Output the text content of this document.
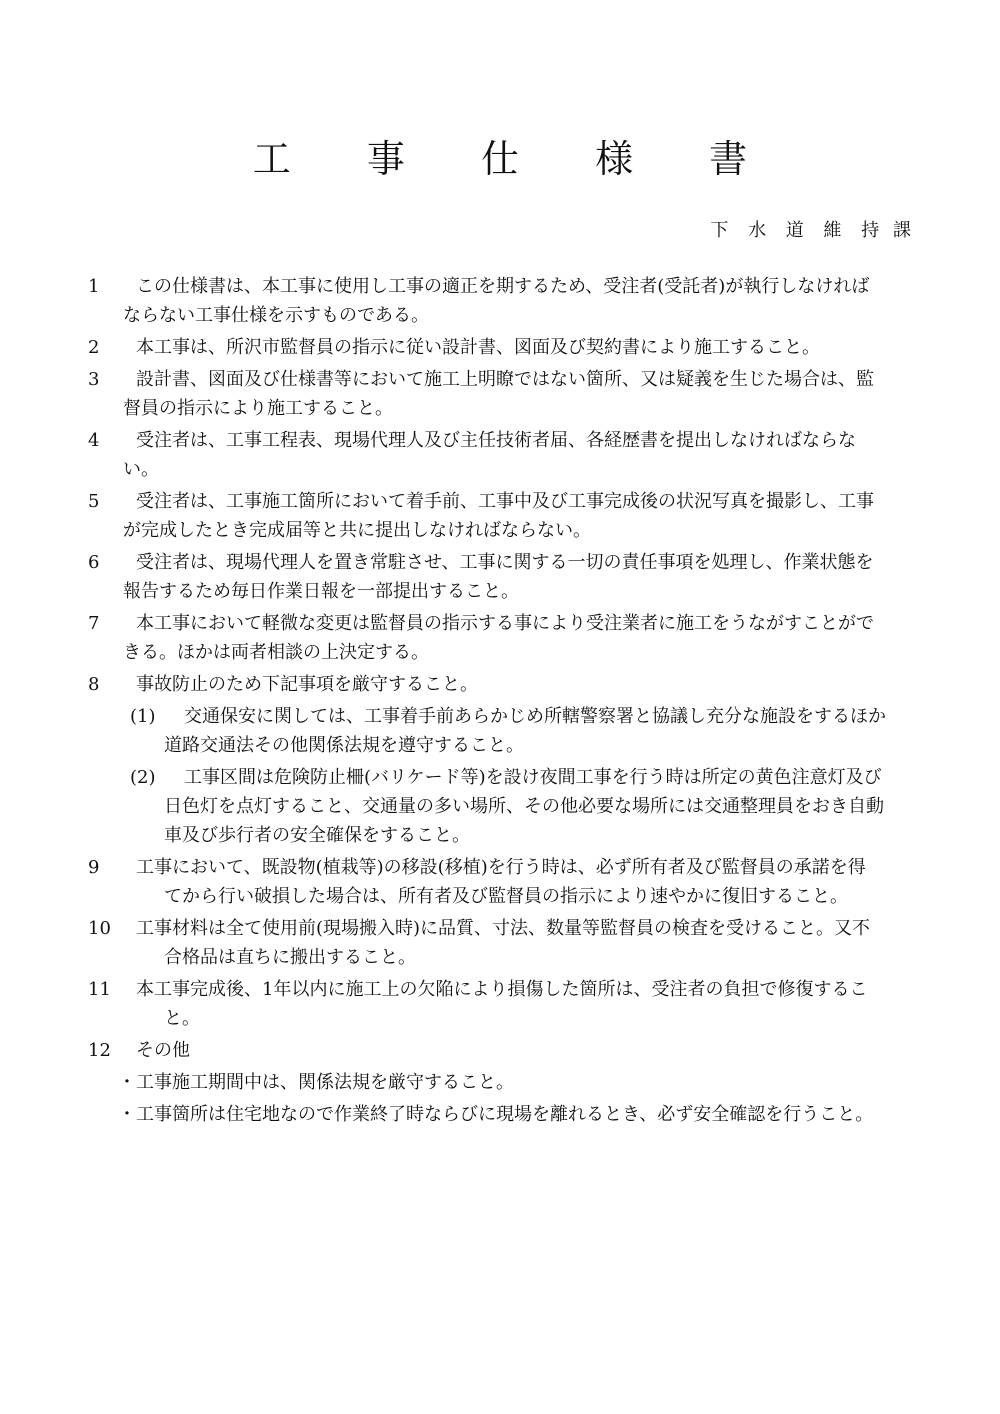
工 事 仕 様 書
下 水 道 維 持 課
1	この仕様書は、本工事に使用し工事の適正を期するため、受注者(受託者)が執行しなければ
ならない工事仕様を示すものである。
2	本工事は、所沢市監督員の指示に従い設計書、図面及び契約書により施工すること。
3	設計書、図面及び仕様書等において施工上明瞭ではない箇所、又は疑義を生じた場合は、監
督員の指示により施工すること。
4	受注者は、工事工程表、現場代理人及び主任技術者届、各経歴書を提出しなければならな
い。
5	受注者は、工事施工箇所において着手前、工事中及び工事完成後の状況写真を撮影し、工事
が完成したとき完成届等と共に提出しなければならない。
6	受注者は、現場代理人を置き常駐させ、工事に関する一切の責任事項を処理し、作業状態を
報告するため毎日作業日報を一部提出すること。
7	本工事において軽微な変更は監督員の指示する事により受注業者に施工をうながすことがで
きる。ほかは両者相談の上決定する。
8	事故防止のため下記事項を厳守すること。
(1)	交通保安に関しては、工事着手前あらかじめ所轄警察署と協議し充分な施設をするほか
道路交通法その他関係法規を遵守すること。
(2)	工事区間は危険防止柵(バリケード等)を設け夜間工事を行う時は所定の黄色注意灯及び
日色灯を点灯すること、交通量の多い場所、その他必要な場所には交通整理員をおき自動
車及び歩行者の安全確保をすること。
9	工事において、既設物(植栽等)の移設(移植)を行う時は、必ず所有者及び監督員の承諾を得
てから行い破損した場合は、所有者及び監督員の指示により速やかに復旧すること。
10	工事材料は全て使用前(現場搬入時)に品質、寸法、数量等監督員の検査を受けること。又不
合格品は直ちに搬出すること。
11	本工事完成後、1年以内に施工上の欠陥により損傷した箇所は、受注者の負担で修復するこ
と。
12	その他
・工事施工期間中は、関係法規を厳守すること。
・工事箇所は住宅地なので作業終了時ならびに現場を離れるとき、必ず安全確認を行うこと。
